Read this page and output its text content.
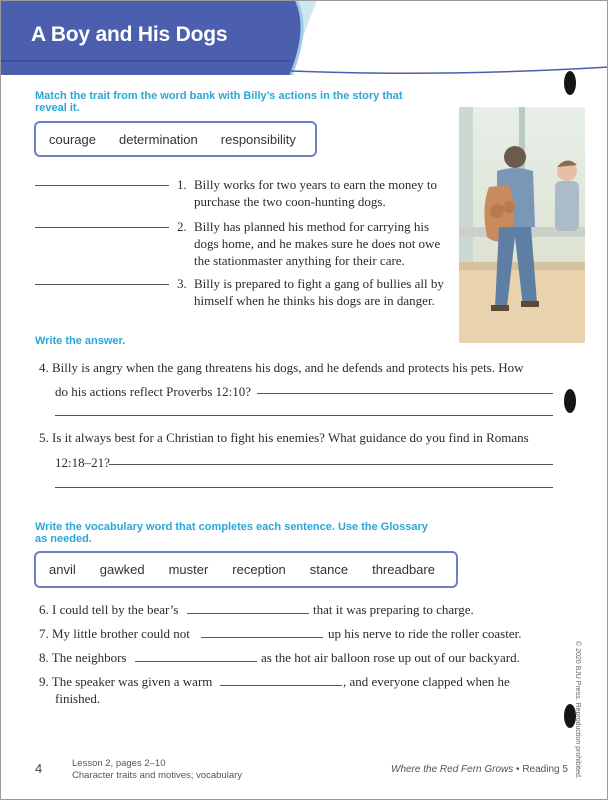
A Boy and His Dogs
Match the trait from the word bank with Billy’s actions in the story that
reveal it.
courage determination responsibility
1. Billy works for two years to earn the money to
purchase the two coon-hunting dogs.
2. Billy has planned his method for carrying his
dogs home, and he makes sure he does not owe
the stationmaster anything for their care.
3. Billy is prepared to fight a gang of bullies all by
himself when he thinks his dogs are in danger.
Write the answer.
4. Billy is angry when the gang threatens his dogs, and he defends and protects his pets. How
do his actions reflect Proverbs 12:10?
5. Is it always best for a Christian to fight his enemies? What guidance do you find in Romans
12:18–21?
Write the vocabulary word that completes each sentence. Use the Glossary
as needed.
anvil gawked muster reception stance threadbare
6. I could tell by the bear’s	that it was preparing to charge.
7. My little brother could not	up his nerve to ride the roller coaster.
8. The neighbors	as the hot air balloon rose up out of our backyard.
9. The speaker was given a warm	, and everyone clapped when he
finished.	© 2020 BJU Press. Reproduction prohibited.
4	Lesson 2, pages 2–10
Character traits and motives; vocabulary
Where the Red Fern Grows • Reading 5
